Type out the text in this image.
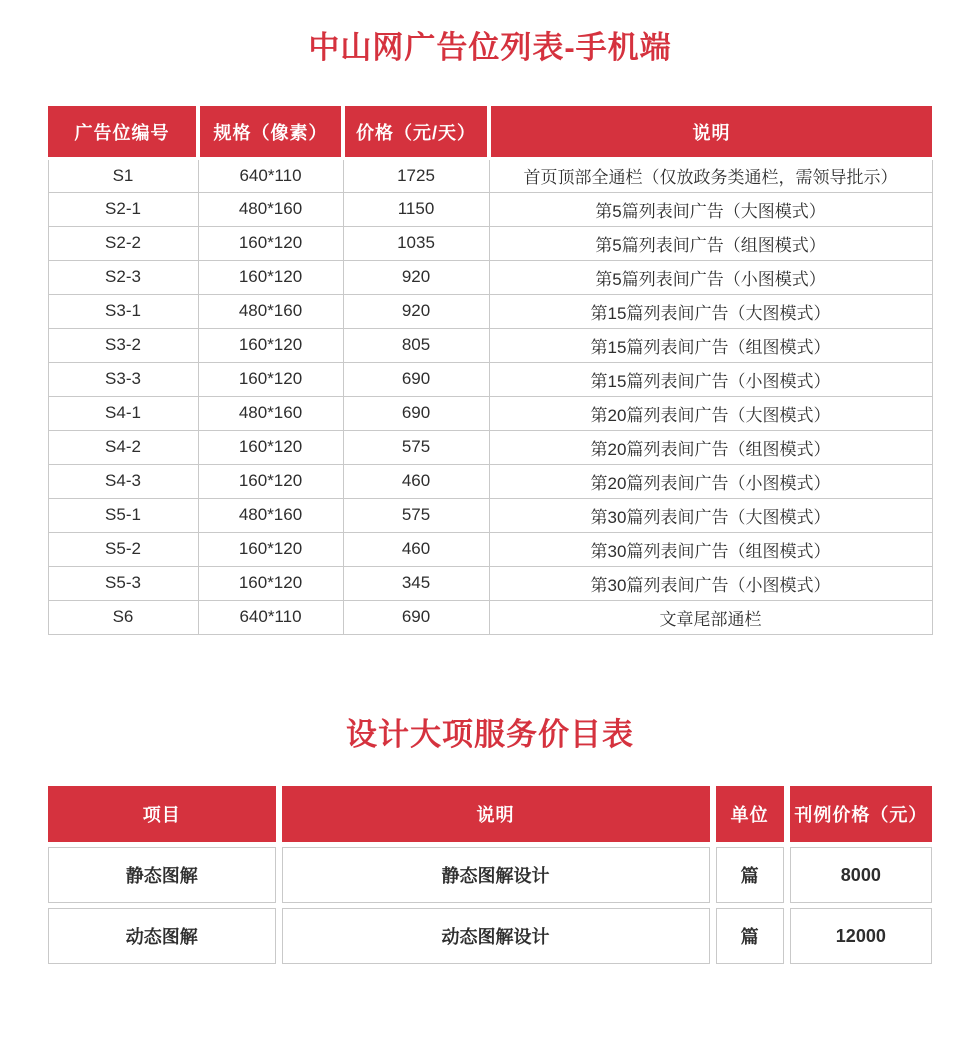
中山网广告位列表-手机端
广告位编号	规格（像素）	价格（元/天）	说明
S1	640*110	1725	首页顶部全通栏（仅放政务类通栏，需领导批示）
S2-1	480*160	1150	第5篇列表间广告（大图模式）
S2-2	160*120	1035	第5篇列表间广告（组图模式）
S2-3	160*120	920	第5篇列表间广告（小图模式）
S3-1	480*160	920	第15篇列表间广告（大图模式）
S3-2	160*120	805	第15篇列表间广告（组图模式）
S3-3	160*120	690	第15篇列表间广告（小图模式）
S4-1	480*160	690	第20篇列表间广告（大图模式）
S4-2	160*120	575	第20篇列表间广告（组图模式）
S4-3	160*120	460	第20篇列表间广告（小图模式）
S5-1	480*160	575	第30篇列表间广告（大图模式）
S5-2	160*120	460	第30篇列表间广告（组图模式）
S5-3	160*120	345	第30篇列表间广告（小图模式）
S6	640*110	690	文章尾部通栏
设计大项服务价目表
项目	说明	单位	刊例价格（元）
静态图解	静态图解设计	篇	8000
动态图解	动态图解设计	篇	12000
